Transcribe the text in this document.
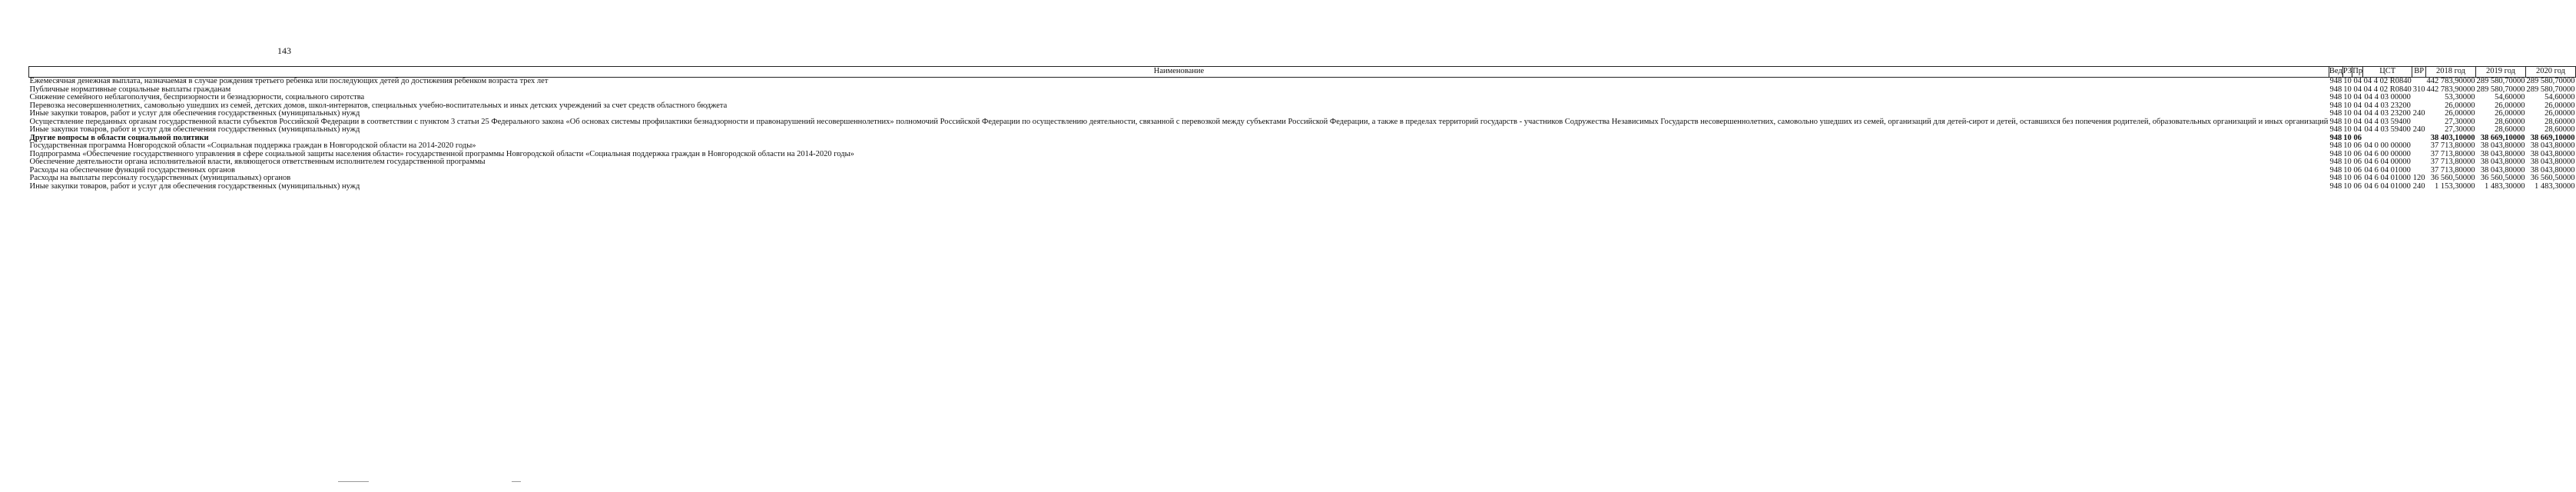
143
Наименование	Вед	РЗ	Пр	ЦСТ	ВР	2018 год	2019 год	2020 год
Ежемесячная денежная выплата, назначаемая в случае рождения третьего ребенка или последующих детей до достижения ребенком возраста трех лет	948	10	04	04 4 02 R0840		442 783,90000	289 580,70000	289 580,70000
Публичные нормативные социальные выплаты гражданам	948	10	04	04 4 02 R0840	310	442 783,90000	289 580,70000	289 580,70000
Снижение семейного неблагополучия, беспризорности и безнадзорности, социального сиротства	948	10	04	04 4 03 00000		53,30000	54,60000	54,60000
Перевозка несовершеннолетних, самовольно ушедших из семей, детских домов, школ-интернатов, специальных учебно-воспитательных и иных детских учреждений за счет средств областного бюджета	948	10	04	04 4 03 23200		26,00000	26,00000	26,00000
Иные закупки товаров, работ и услуг для обеспечения государственных (муниципальных) нужд	948	10	04	04 4 03 23200	240	26,00000	26,00000	26,00000
Осуществление переданных органам государственной власти субъектов Российской Федерации в соответствии с пунктом 3 статьи 25 Федерального закона «Об основах системы профилактики безнадзорности и правонарушений несовершеннолетних» полномочий Российской Федерации по осуществлению деятельности, связанной с перевозкой между субъектами Российской Федерации, а также в пределах территорий государств - участников Содружества Независимых Государств несовершеннолетних, самовольно ушедших из семей, организаций для детей-сирот и детей, оставшихся без попечения родителей, образовательных организаций и иных организаций	948	10	04	04 4 03 59400		27,30000	28,60000	28,60000
Иные закупки товаров, работ и услуг для обеспечения государственных (муниципальных) нужд	948	10	04	04 4 03 59400	240	27,30000	28,60000	28,60000
Другие вопросы в области социальной политики	948	10	06			38 403,10000	38 669,10000	38 669,10000
Государственная программа Новгородской области «Социальная поддержка граждан в Новгородской области на 2014-2020 годы»	948	10	06	04 0 00 00000		37 713,80000	38 043,80000	38 043,80000
Подпрограмма «Обеспечение государственного управления в сфере социальной защиты населения области» государственной программы Новгородской области «Социальная поддержка граждан в Новгородской области на 2014-2020 годы»	948	10	06	04 6 00 00000		37 713,80000	38 043,80000	38 043,80000
Обеспечение деятельности органа исполнительной власти, являющегося ответственным исполнителем государственной программы	948	10	06	04 6 04 00000		37 713,80000	38 043,80000	38 043,80000
Расходы на обеспечение функций государственных органов	948	10	06	04 6 04 01000		37 713,80000	38 043,80000	38 043,80000
Расходы на выплаты персоналу государственных (муниципальных) органов	948	10	06	04 6 04 01000	120	36 560,50000	36 560,50000	36 560,50000
Иные закупки товаров, работ и услуг для обеспечения государственных (муниципальных) нужд	948	10	06	04 6 04 01000	240	1 153,30000	1 483,30000	1 483,30000
